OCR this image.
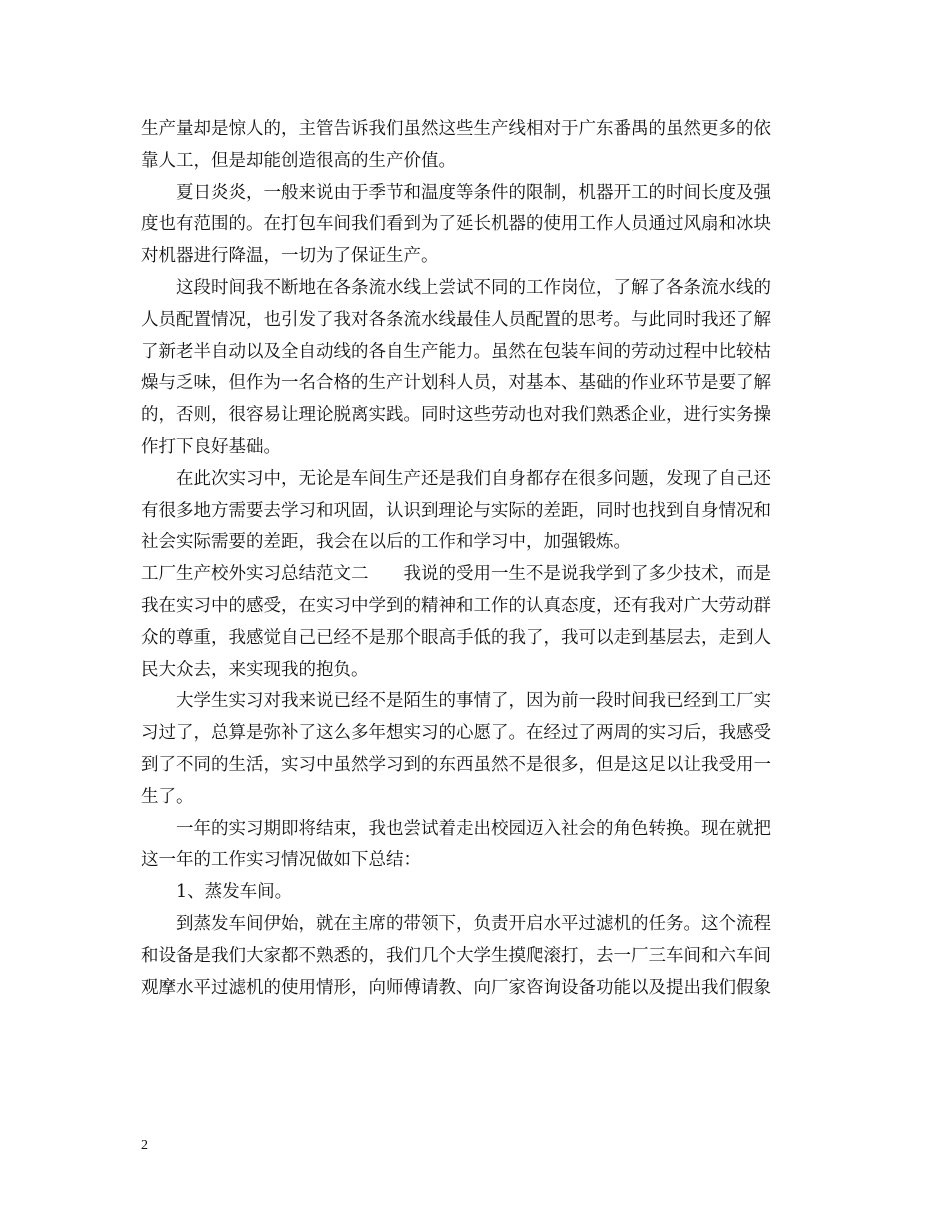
生产量却是惊人的，主管告诉我们虽然这些生产线相对于广东番禺的虽然更多的依
靠人工，但是却能创造很高的生产价值。
　　夏日炎炎，一般来说由于季节和温度等条件的限制，机器开工的时间长度及强
度也有范围的。在打包车间我们看到为了延长机器的使用工作人员通过风扇和冰块
对机器进行降温，一切为了保证生产。
　　这段时间我不断地在各条流水线上尝试不同的工作岗位，了解了各条流水线的
人员配置情况，也引发了我对各条流水线最佳人员配置的思考。与此同时我还了解
了新老半自动以及全自动线的各自生产能力。虽然在包装车间的劳动过程中比较枯
燥与乏味，但作为一名合格的生产计划科人员，对基本、基础的作业环节是要了解
的，否则，很容易让理论脱离实践。同时这些劳动也对我们熟悉企业，进行实务操
作打下良好基础。
　　在此次实习中，无论是车间生产还是我们自身都存在很多问题，发现了自己还
有很多地方需要去学习和巩固，认识到理论与实际的差距，同时也找到自身情况和
社会实际需要的差距，我会在以后的工作和学习中，加强锻炼。
工厂生产校外实习总结范文二　　我说的受用一生不是说我学到了多少技术，而是
我在实习中的感受，在实习中学到的精神和工作的认真态度，还有我对广大劳动群
众的尊重，我感觉自己已经不是那个眼高手低的我了，我可以走到基层去，走到人
民大众去，来实现我的抱负。
　　大学生实习对我来说已经不是陌生的事情了，因为前一段时间我已经到工厂实
习过了，总算是弥补了这么多年想实习的心愿了。在经过了两周的实习后，我感受
到了不同的生活，实习中虽然学习到的东西虽然不是很多，但是这足以让我受用一
生了。
　　一年的实习期即将结束，我也尝试着走出校园迈入社会的角色转换。现在就把
这一年的工作实习情况做如下总结：
　　1、蒸发车间。
　　到蒸发车间伊始，就在主席的带领下，负责开启水平过滤机的任务。这个流程
和设备是我们大家都不熟悉的，我们几个大学生摸爬滚打，去一厂三车间和六车间
观摩水平过滤机的使用情形，向师傅请教、向厂家咨询设备功能以及提出我们假象
2
